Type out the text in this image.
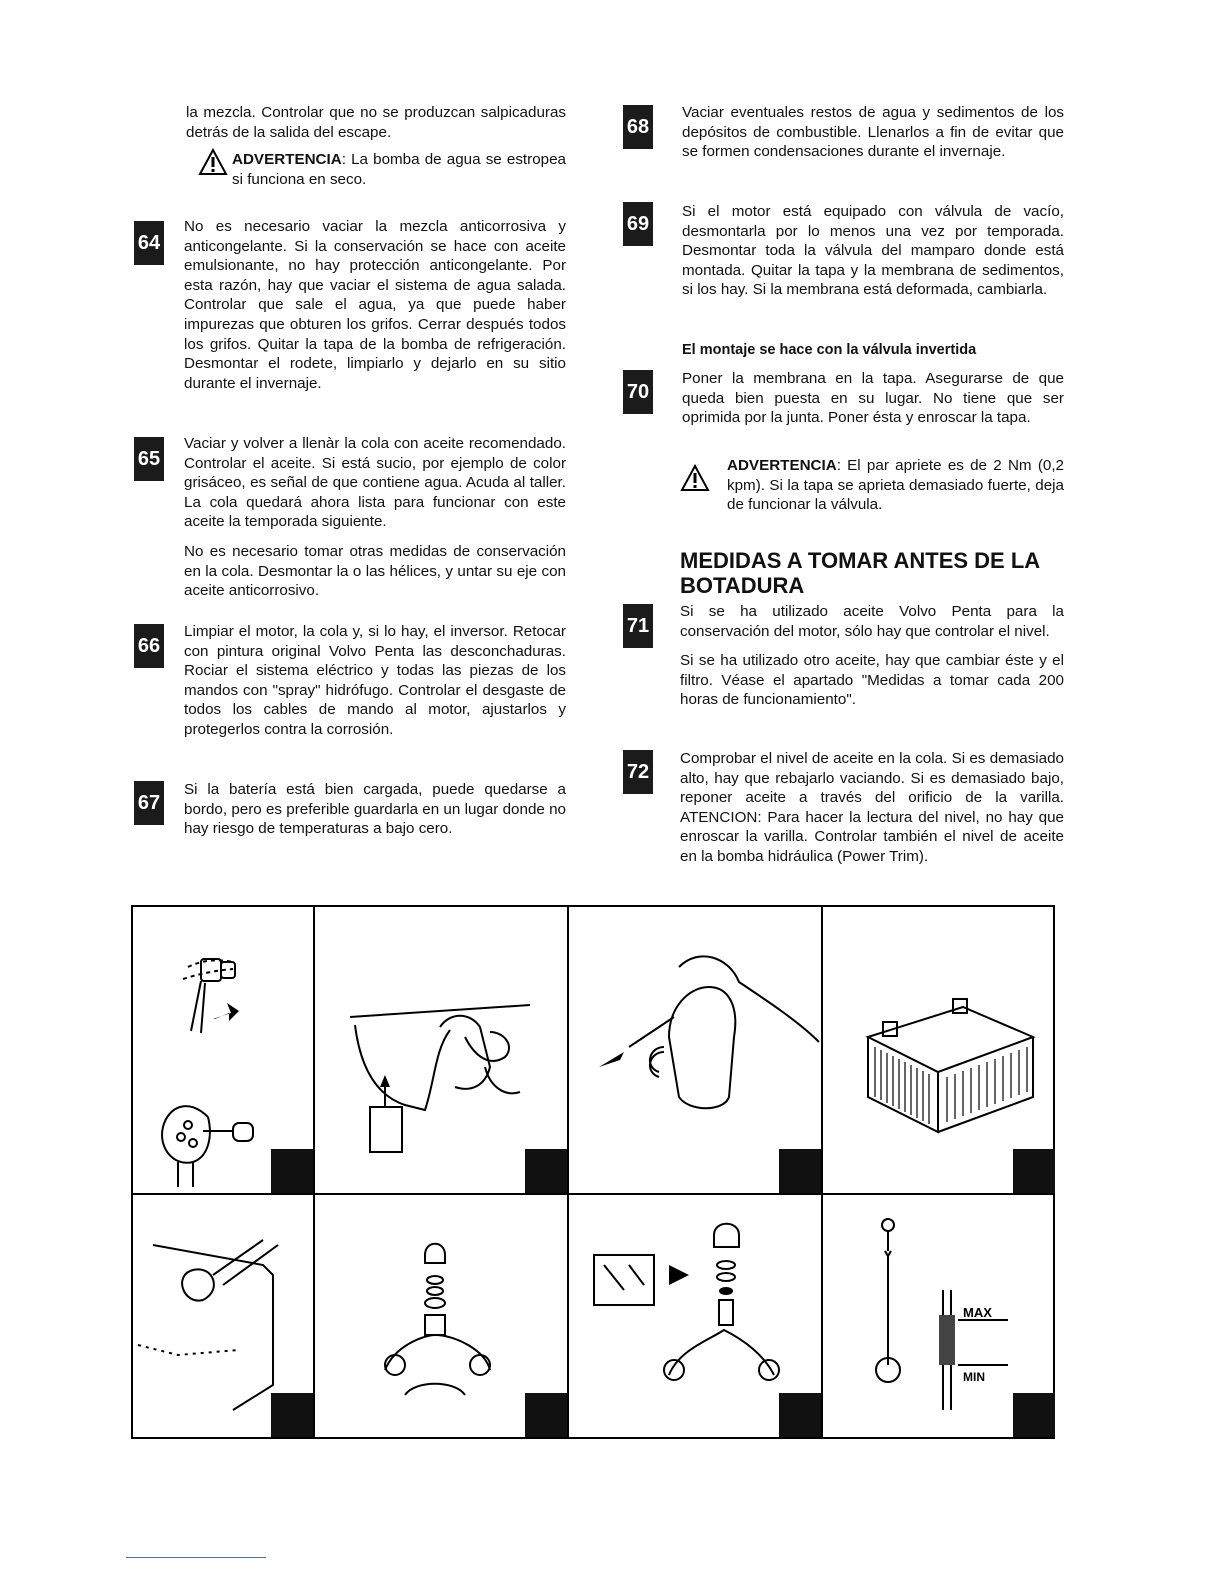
la mezcla. Controlar que no se produzcan salpicaduras detrás de la salida del escape.

ADVERTENCIA: La bomba de agua se estropea si funciona en seco.

64

No es necesario vaciar la mezcla anticorrosiva y anticongelante. Si la conservación se hace con aceite emulsionante, no hay protección anticongelante. Por esta razón, hay que vaciar el sistema de agua salada. Controlar que sale el agua, ya que puede haber impurezas que obturen los grifos. Cerrar después todos los grifos. Quitar la tapa de la bomba de refrigeración. Desmontar el rodete, limpiarlo y dejarlo en su sitio durante el invernaje.

65

Vaciar y volver a llenàr la cola con aceite recomendado. Controlar el aceite. Si está sucio, por ejemplo de color grisáceo, es señal de que contiene agua. Acuda al taller. La cola quedará ahora lista para funcionar con este aceite la temporada siguiente.

No es necesario tomar otras medidas de conservación en la cola. Desmontar la o las hélices, y untar su eje con aceite anticorrosivo.

66

Limpiar el motor, la cola y, si lo hay, el inversor. Retocar con pintura original Volvo Penta las desconchaduras. Rociar el sistema eléctrico y todas las piezas de los mandos con "spray" hidrófugo. Controlar el desgaste de todos los cables de mando al motor, ajustarlos y protegerlos contra la corrosión.

67

Si la batería está bien cargada, puede quedarse a bordo, pero es preferible guardarla en un lugar donde no hay riesgo de temperaturas a bajo cero.

68

Vaciar eventuales restos de agua y sedimentos de los depósitos de combustible. Llenarlos a fin de evitar que se formen condensaciones durante el invernaje.

69

Si el motor está equipado con válvula de vacío, desmontarla por lo menos una vez por temporada. Desmontar toda la válvula del mamparo donde está montada. Quitar la tapa y la membrana de sedimentos, si los hay. Si la membrana está deformada, cambiarla.

El montaje se hace con la válvula invertida
70

Poner la membrana en la tapa. Asegurarse de que queda bien puesta en su lugar. No tiene que ser oprimida por la junta. Poner ésta y enroscar la tapa.

ADVERTENCIA: El par apriete es de 2 Nm (0,2 kpm). Si la tapa se aprieta demasiado fuerte, deja de funcionar la válvula.

MEDIDAS A TOMAR ANTES DE LA BOTADURA
71

Si se ha utilizado aceite Volvo Penta para la conservación del motor, sólo hay que controlar el nivel.

Si se ha utilizado otro aceite, hay que cambiar éste y el filtro. Véase el apartado "Medidas a tomar cada 200 horas de funcionamiento".

72

Comprobar el nivel de aceite en la cola. Si es demasiado alto, hay que rebajarlo vaciando. Si es demasiado bajo, reponer aceite a través del orificio de la varilla. ATENCION: Para hacer la lectura del nivel, no hay que enroscar la varilla. Controlar también el nivel de aceite en la bomba hidráulica (Power Trim).

MAX
MIN
